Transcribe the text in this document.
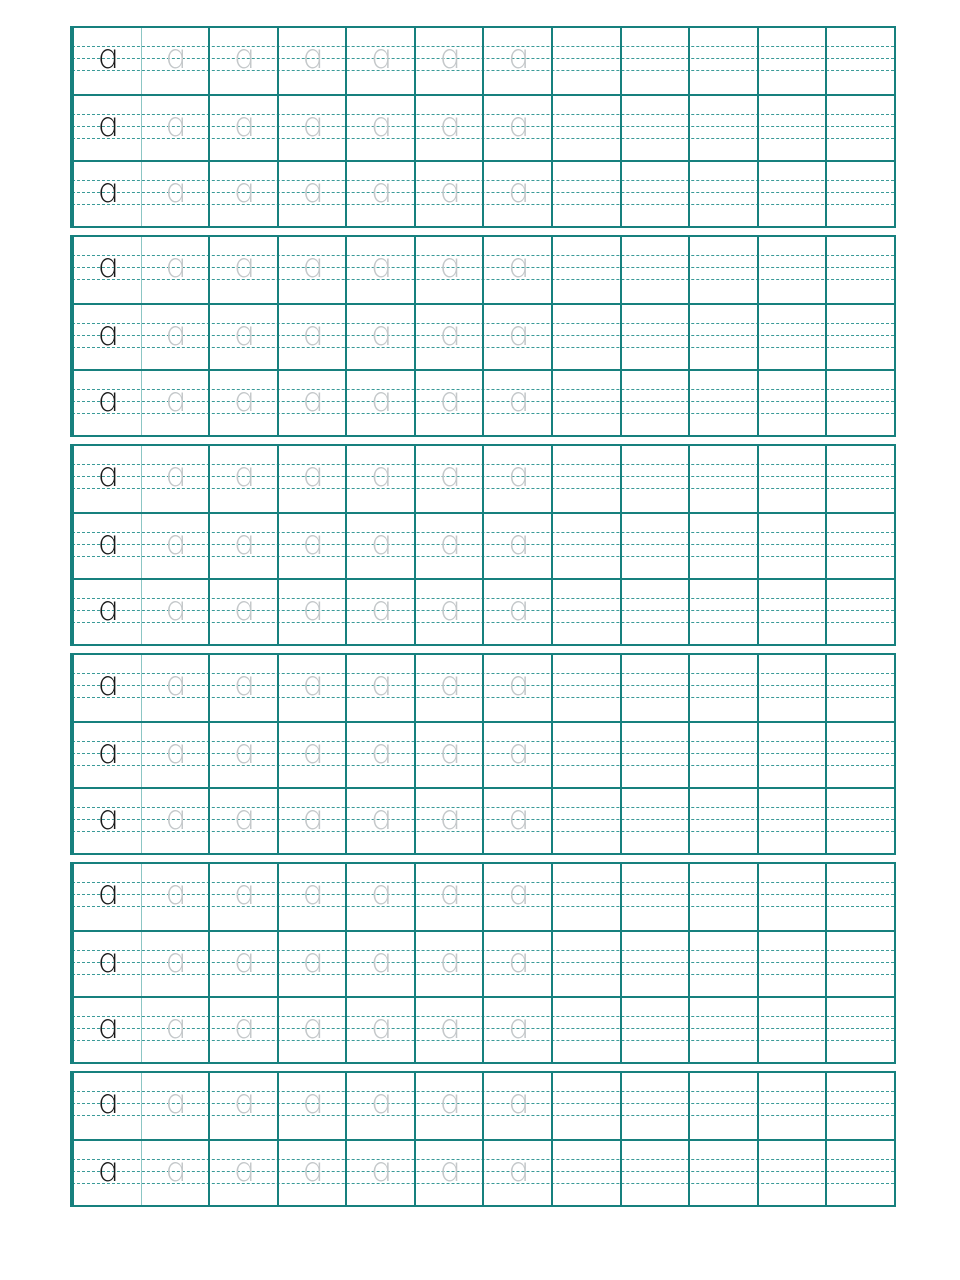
ɑ	ɑ	ɑ	ɑ	ɑ	ɑ	ɑ
ɑ	ɑ	ɑ	ɑ	ɑ	ɑ	ɑ
ɑ	ɑ	ɑ	ɑ	ɑ	ɑ	ɑ
ɑ	ɑ	ɑ	ɑ	ɑ	ɑ	ɑ
ɑ	ɑ	ɑ	ɑ	ɑ	ɑ	ɑ
ɑ	ɑ	ɑ	ɑ	ɑ	ɑ	ɑ
ɑ	ɑ	ɑ	ɑ	ɑ	ɑ	ɑ
ɑ	ɑ	ɑ	ɑ	ɑ	ɑ	ɑ
ɑ	ɑ	ɑ	ɑ	ɑ	ɑ	ɑ
ɑ	ɑ	ɑ	ɑ	ɑ	ɑ	ɑ
ɑ	ɑ	ɑ	ɑ	ɑ	ɑ	ɑ
ɑ	ɑ	ɑ	ɑ	ɑ	ɑ	ɑ
ɑ	ɑ	ɑ	ɑ	ɑ	ɑ	ɑ
ɑ	ɑ	ɑ	ɑ	ɑ	ɑ	ɑ
ɑ	ɑ	ɑ	ɑ	ɑ	ɑ	ɑ
ɑ	ɑ	ɑ	ɑ	ɑ	ɑ	ɑ
ɑ	ɑ	ɑ	ɑ	ɑ	ɑ	ɑ
